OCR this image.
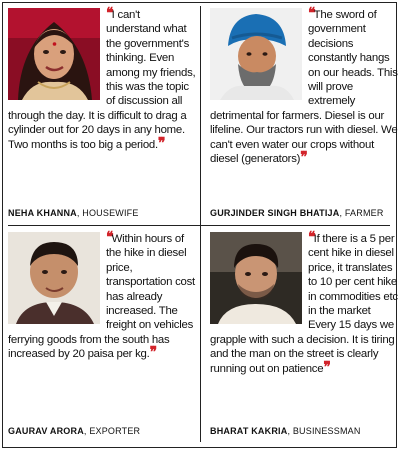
❛❛I can't understand what the government's thinking. Even among my friends, this was the topic of discussion all through the day. It is difficult to drag a cylinder out for 20 days in any home. Two months is too big a period.❜❜
NEHA KHANNA, HOUSEWIFE
❛❛The sword of government decisions constantly hangs on our heads. This will prove extremely detrimental for farmers. Diesel is our lifeline. Our tractors run with diesel. We can't even water our crops without diesel (generators)❜❜
GURJINDER SINGH BHATIJA, FARMER
❛❛Within hours of the hike in diesel price, transportation cost has already increased. The freight on vehicles ferrying goods from the south has increased by 20 paisa per kg.❜❜
GAURAV ARORA, EXPORTER
❛❛If there is a 5 per cent hike in diesel price, it translates to 10 per cent hike in commodities etc in the market Every 15 days we grapple with such a decision. It is tiring and the man on the street is clearly running out on patience❜❜
BHARAT KAKRIA, BUSINESSMAN
